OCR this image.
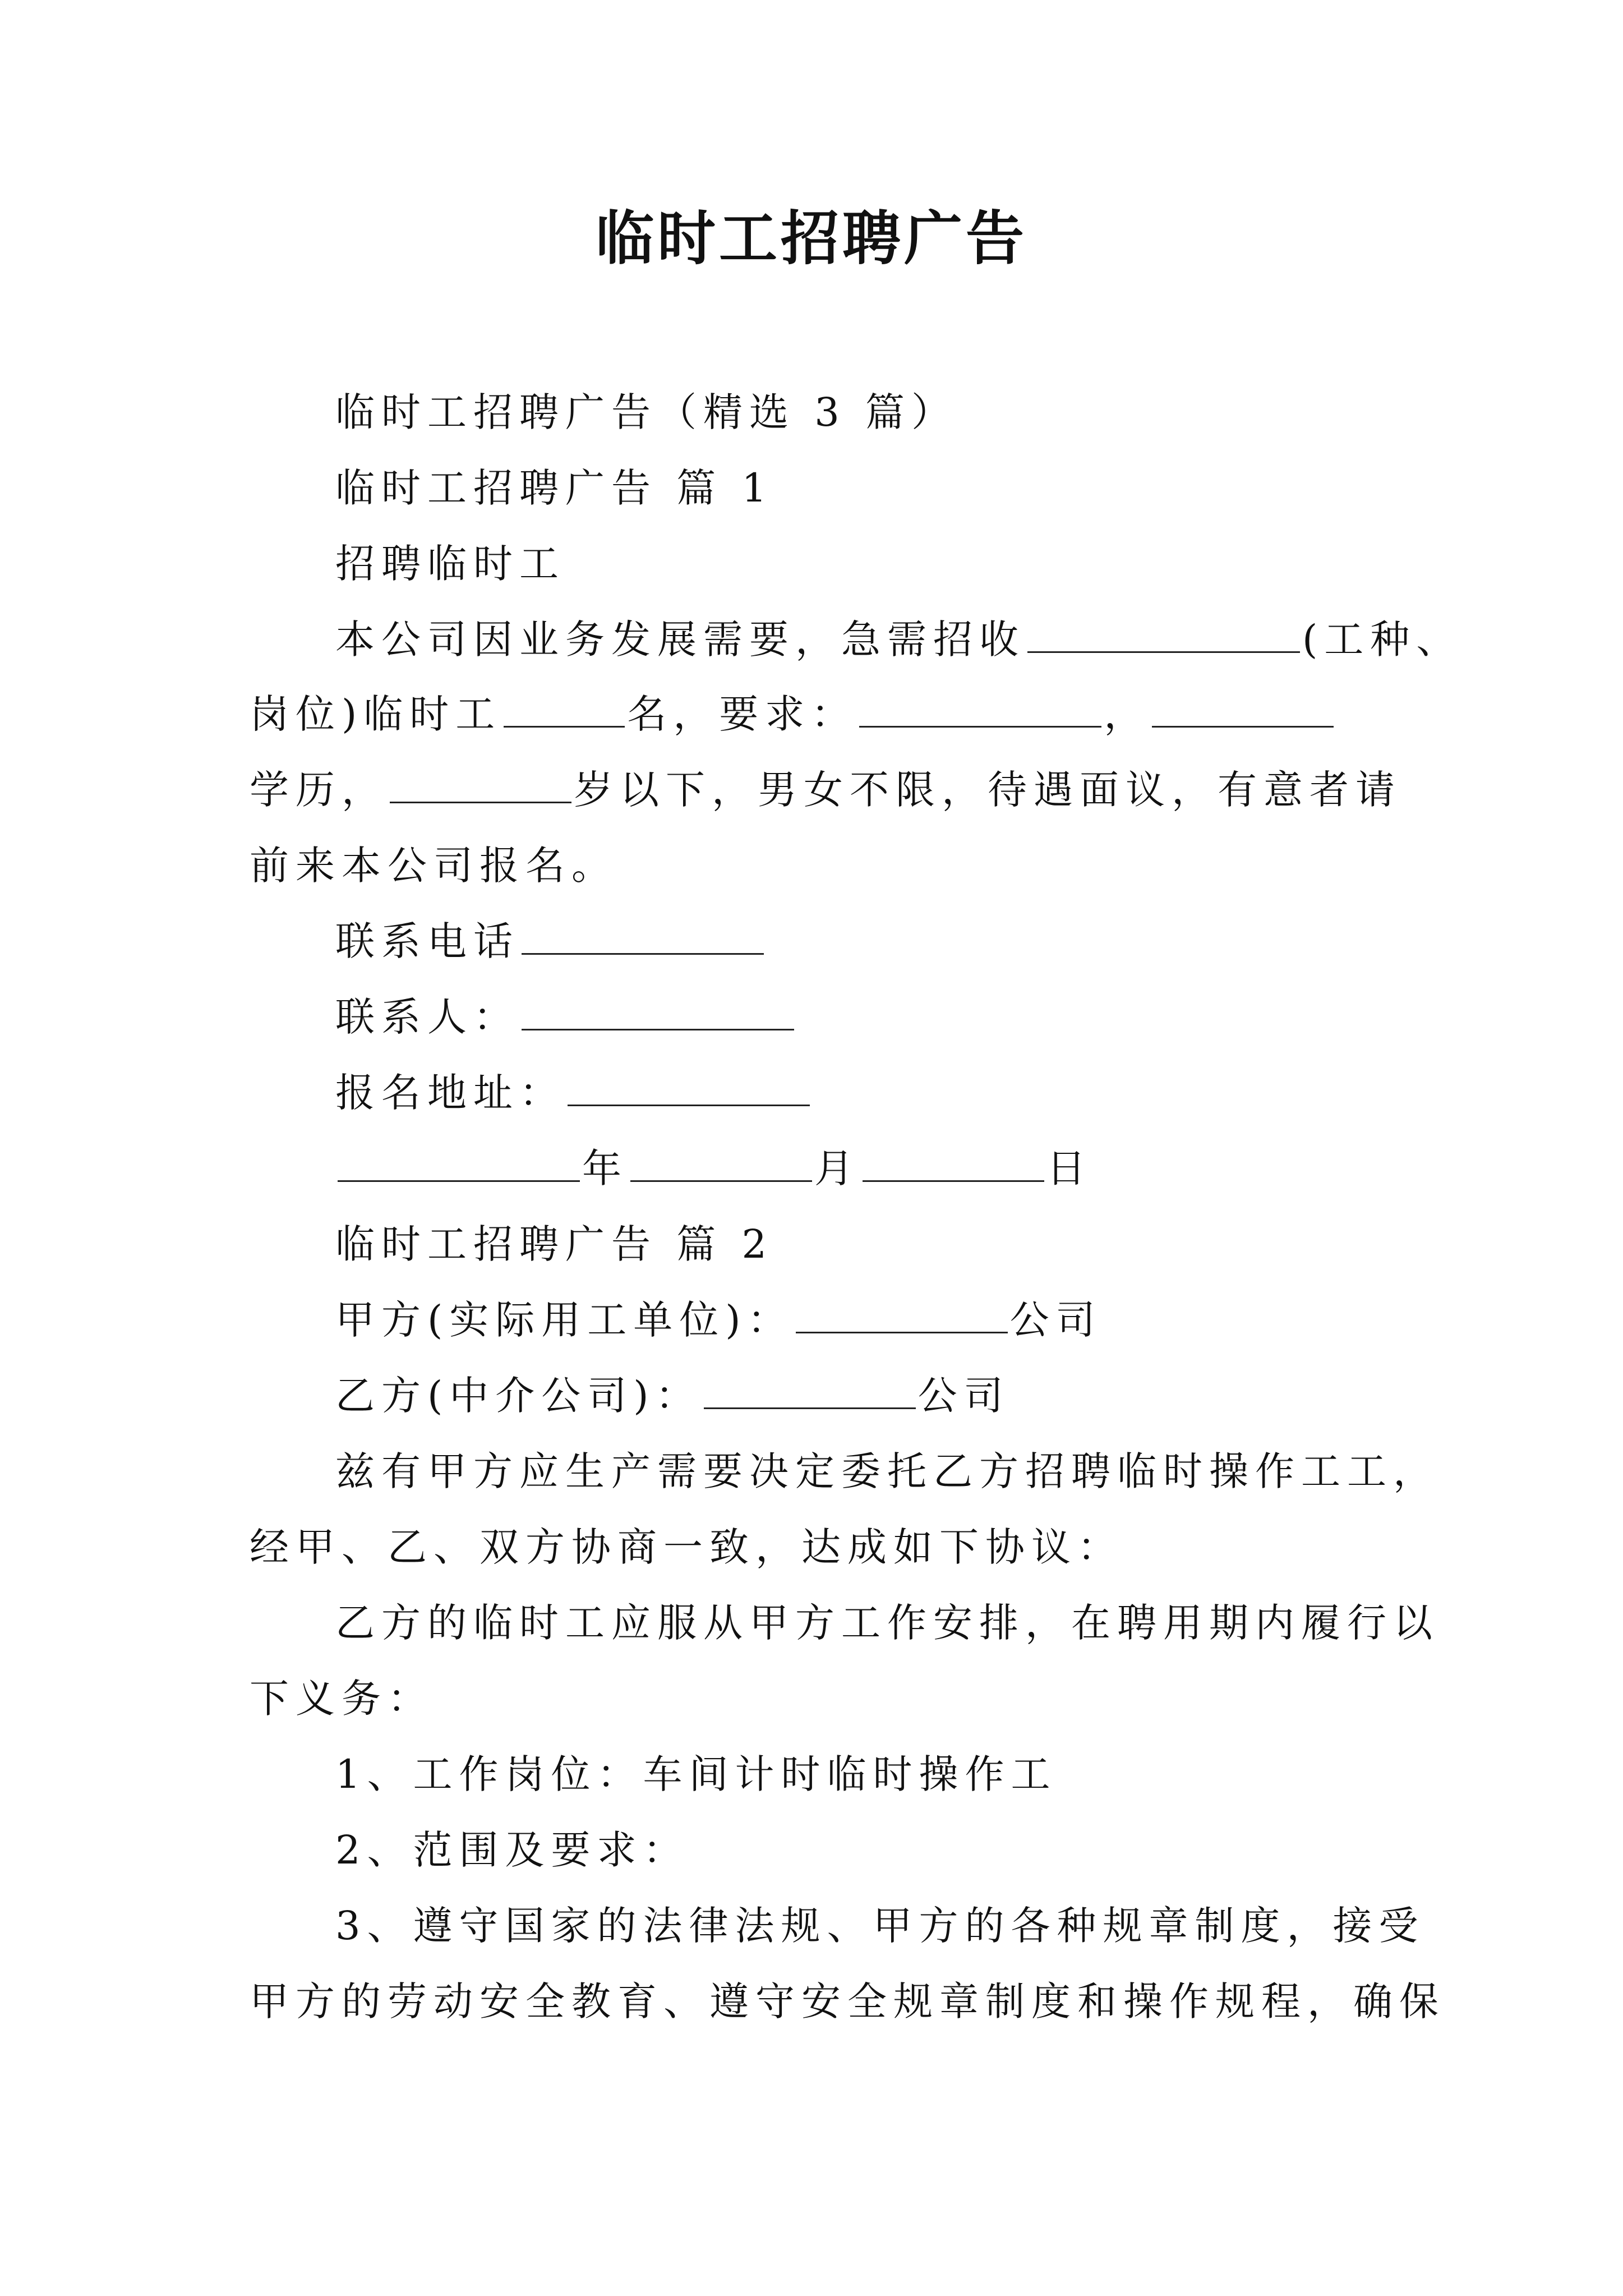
临时工招聘广告

临时工招聘广告（精选 3 篇）

临时工招聘广告 篇 1

招聘临时工

本公司因业务发展需要，急需招收	(工种、

岗位)临时工	名，要求：	，

学历，	岁以下，男女不限，待遇面议，有意者请

前来本公司报名。

联系电话

联系人：

报名地址：

年	月	日

临时工招聘广告 篇 2

甲方(实际用工单位)：	公司

乙方(中介公司)：	公司

兹有甲方应生产需要决定委托乙方招聘临时操作工工，

经甲、乙、双方协商一致，达成如下协议：

乙方的临时工应服从甲方工作安排，在聘用期内履行以

下义务：

1、工作岗位：车间计时临时操作工

2、范围及要求：

3、遵守国家的法律法规、甲方的各种规章制度，接受

甲方的劳动安全教育、遵守安全规章制度和操作规程，确保
